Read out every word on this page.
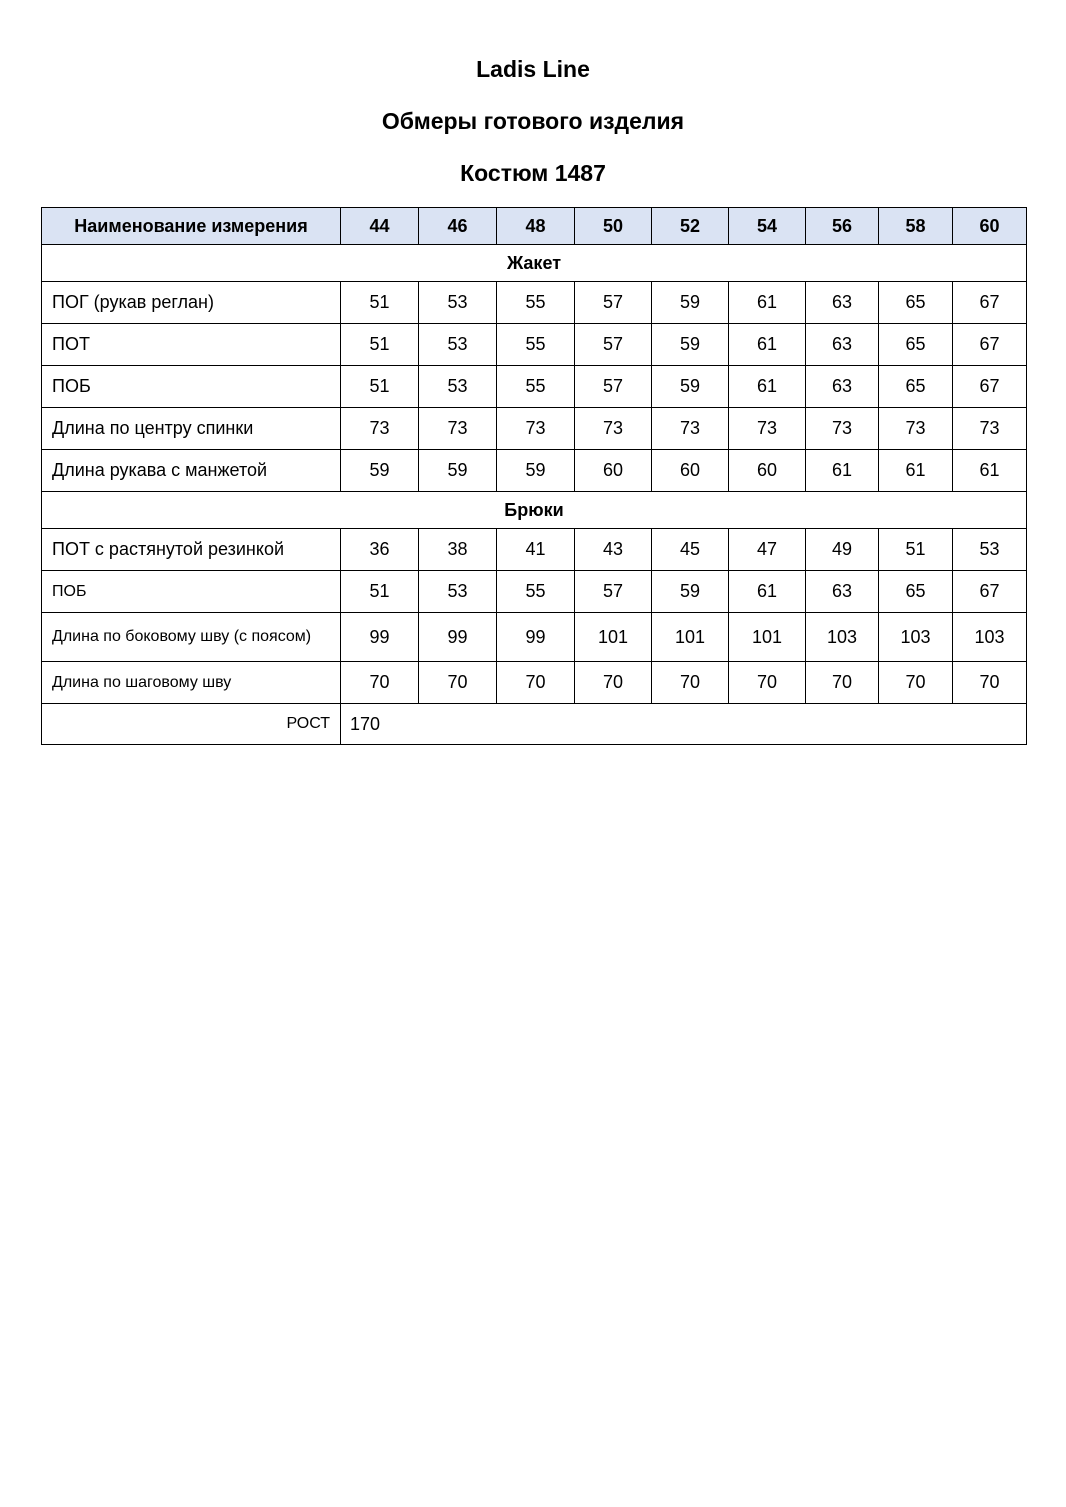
Ladis Line
Обмеры готового изделия
Костюм 1487
Наименование измерения	44	46	48	50	52	54	56	58	60
Жакет									
ПОГ (рукав реглан)	51	53	55	57	59	61	63	65	67
ПОТ	51	53	55	57	59	61	63	65	67
ПОБ	51	53	55	57	59	61	63	65	67
Длина по центру спинки	73	73	73	73	73	73	73	73	73
Длина рукава с манжетой	59	59	59	60	60	60	61	61	61
Брюки									
ПОТ с растянутой резинкой	36	38	41	43	45	47	49	51	53
ПОБ	51	53	55	57	59	61	63	65	67
Длина по боковому шву (с поясом)	99	99	99	101	101	101	103	103	103
Длина по шаговому шву	70	70	70	70	70	70	70	70	70
РОСТ	170								
